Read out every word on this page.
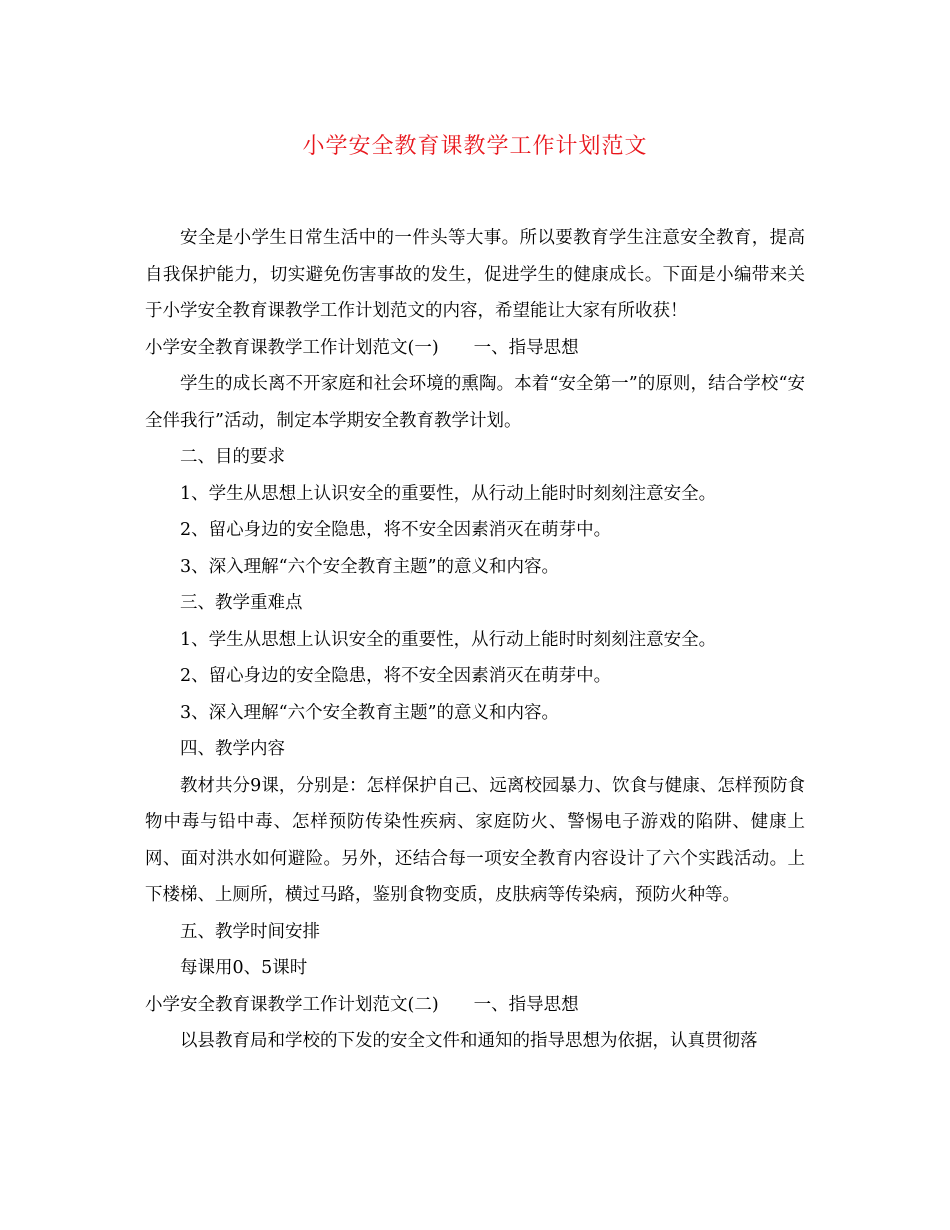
小学安全教育课教学工作计划范文

安全是小学生日常生活中的一件头等大事。所以要教育学生注意安全教育，提高自我保护能力，切实避免伤害事故的发生，促进学生的健康成长。下面是小编带来关于小学安全教育课教学工作计划范文的内容，希望能让大家有所收获！

小学安全教育课教学工作计划范文(一)　　一、指导思想

学生的成长离不开家庭和社会环境的熏陶。本着“安全第一”的原则，结合学校“安全伴我行”活动，制定本学期安全教育教学计划。

二、目的要求

1、学生从思想上认识安全的重要性，从行动上能时时刻刻注意安全。

2、留心身边的安全隐患，将不安全因素消灭在萌芽中。

3、深入理解“六个安全教育主题”的意义和内容。

三、教学重难点

1、学生从思想上认识安全的重要性，从行动上能时时刻刻注意安全。

2、留心身边的安全隐患，将不安全因素消灭在萌芽中。

3、深入理解“六个安全教育主题”的意义和内容。

四、教学内容

教材共分9课，分别是：怎样保护自己、远离校园暴力、饮食与健康、怎样预防食物中毒与铅中毒、怎样预防传染性疾病、家庭防火、警惕电子游戏的陷阱、健康上网、面对洪水如何避险。另外，还结合每一项安全教育内容设计了六个实践活动。上下楼梯、上厕所，横过马路，鉴别食物变质，皮肤病等传染病，预防火种等。

五、教学时间安排

每课用0、5课时

小学安全教育课教学工作计划范文(二)　　一、指导思想

以县教育局和学校的下发的安全文件和通知的指导思想为依据，认真贯彻落
